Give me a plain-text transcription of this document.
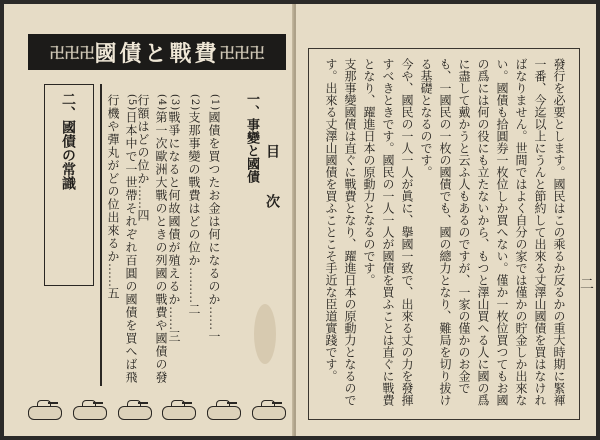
卍卍卍 國債と戰費 卍卍卍
二、國債の常識	一、事變と國債
目次
(1)國債を買つたお金は何になるのか……一
(2)支那事變の戰費はどの位か………二
(3)戰爭になると何故國債が殖えるか……三
(4)第一次歐洲大戰のときの列國の戰費や國債の發行額はどの位か……四
(5)日本中で一世帶それぞれ百圓の國債を買へば飛行機や彈丸がどの位出來るか……五	發行を必要とします。國民はこの乘るか反るかの重大時期に緊褌一番、今迄以上にうんと節約して出來る丈澤山國債を買はなければなりません。世間ではよく自分の家では僅かの貯金しか出來ない。國債も拾圓券一枚位しか買へない。僅か一枚位買つてもお國の爲には何の役にも立たないから、もつと澤山買へる人に國の爲に盡して戴かうと云ふ人もあるのですが、一家の僅かのお金でも、一國民の一枚の國債でも、國の總力となり、難局を切り拔ける基礎となるのです。

今や、國民の一人一人が眞に、擧國一致で、出來る丈の力を發揮すべきときです。國民の一人一人が國債を買ふことは直ぐに戰費となり、躍進日本の原動力となるのです。

支那事變國債は直ぐに戰費となり、躍進日本の原動力となるのです。出來る丈澤山國債を買ふことこそ手近な臣道實踐です。	二
